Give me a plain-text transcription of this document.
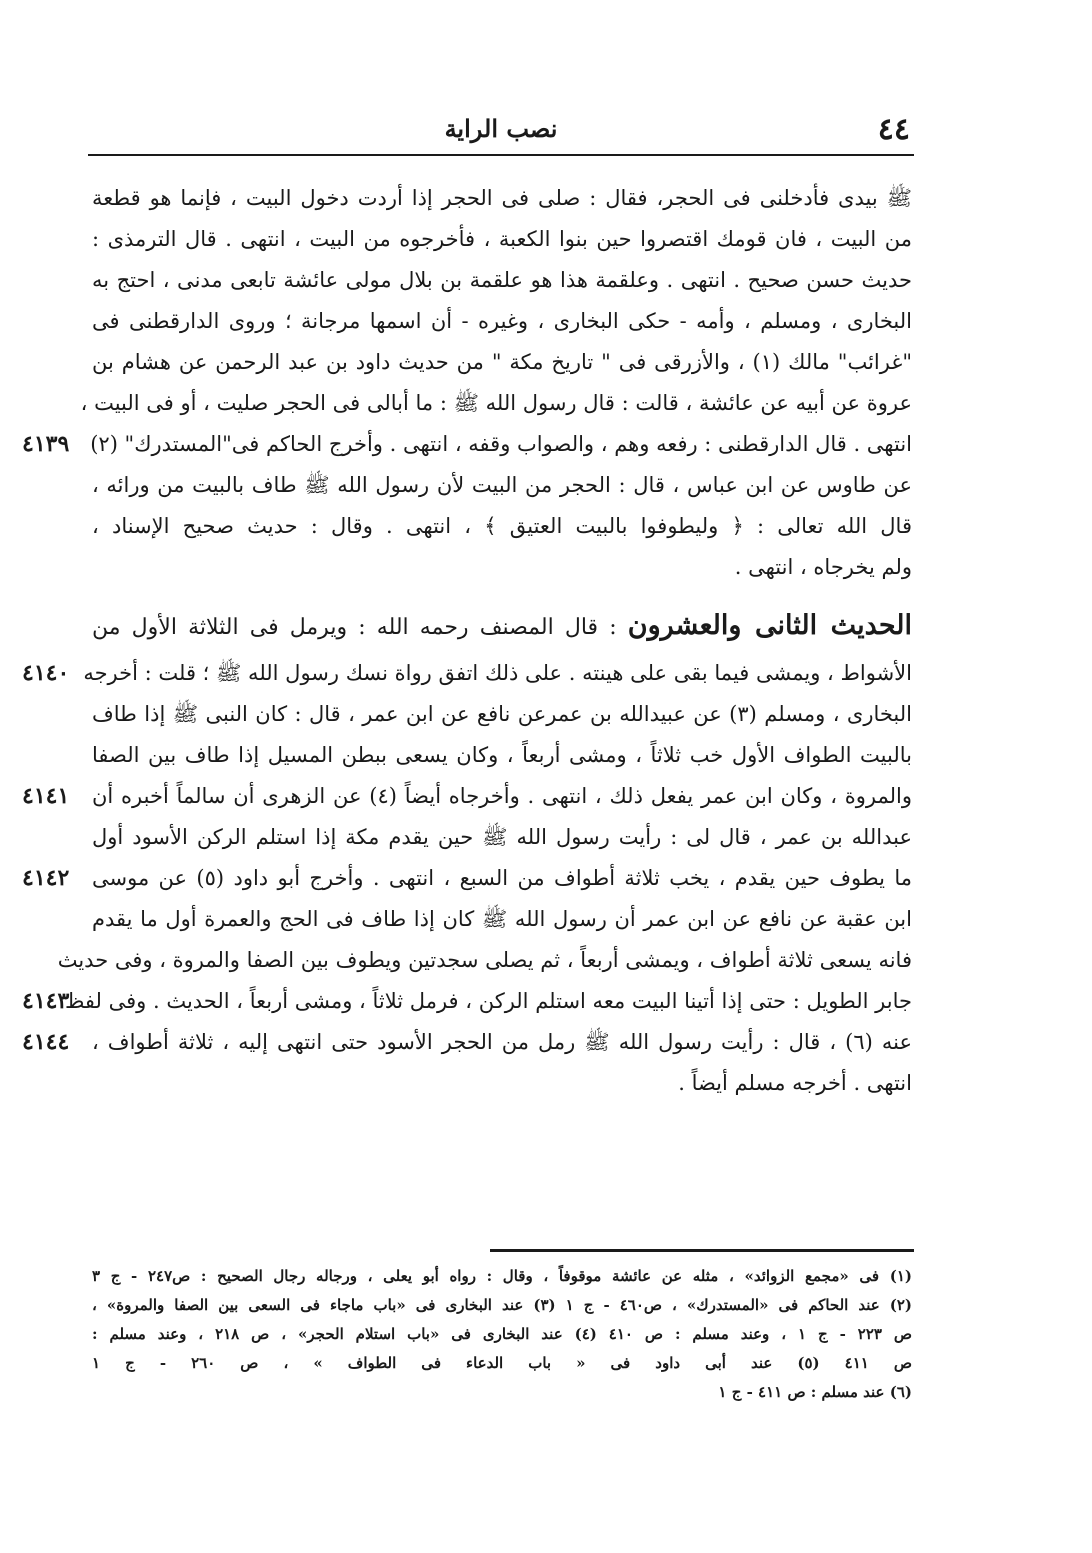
٤٤
نصب الراية
ﷺ بيدى فأدخلنى فى الحجر، فقال : صلى فى الحجر إذا أردت دخول البيت ، فإنما هو قطعة
من البيت ، فان قومك اقتصروا حين بنوا الكعبة ، فأخرجوه من البيت ، انتهى . قال الترمذى :
حديث حسن صحيح . انتهى . وعلقمة هذا هو علقمة بن بلال مولى عائشة تابعى مدنى ، احتج به
البخارى ، ومسلم ، وأمه - حكى البخارى ، وغيره - أن اسمها مرجانة ؛ وروى الدارقطنى فى
"غرائب" مالك (١) ، والأزرقى فى " تاريخ مكة " من حديث داود بن عبد الرحمن عن هشام بن
عروة عن أبيه عن عائشة ، قالت : قال رسول الله ﷺ : ما أبالى فى الحجر صليت ، أو فى البيت ،
انتهى . قال الدارقطنى : رفعه وهم ، والصواب وقفه ، انتهى . وأخرج الحاكم فى"المستدرك" (٢)
٤١٣٩
عن طاوس عن ابن عباس ، قال : الحجر من البيت لأن رسول الله ﷺ طاف بالبيت من ورائه ،
قال الله تعالى : ﴿ وليطوفوا بالبيت العتيق ﴾ ، انتهى . وقال : حديث صحيح الإسناد ،
ولم يخرجاه ، انتهى .
الحديث الثانى والعشرون : قال المصنف رحمه الله : ويرمل فى الثلاثة الأول من
الأشواط ، ويمشى فيما بقى على هينته . على ذلك اتفق رواة نسك رسول الله ﷺ ؛ قلت : أخرجه
٤١٤٠
البخارى ، ومسلم (٣) عن عبيدالله بن عمرعن نافع عن ابن عمر ، قال : كان النبى ﷺ إذا طاف
بالبيت الطواف الأول خب ثلاثاً ، ومشى أربعاً ، وكان يسعى ببطن المسيل إذا طاف بين الصفا
والمروة ، وكان ابن عمر يفعل ذلك ، انتهى . وأخرجاه أيضاً (٤) عن الزهرى أن سالماً أخبره أن
٤١٤١
عبدالله بن عمر ، قال لى : رأيت رسول الله ﷺ حين يقدم مكة إذا استلم الركن الأسود أول
ما يطوف حين يقدم ، يخب ثلاثة أطواف من السبع ، انتهى . وأخرج أبو داود (٥) عن موسى
٤١٤٢
ابن عقبة عن نافع عن ابن عمر أن رسول الله ﷺ كان إذا طاف فى الحج والعمرة أول ما يقدم
فانه يسعى ثلاثة أطواف ، ويمشى أربعاً ، ثم يصلى سجدتين ويطوف بين الصفا والمروة ، وفى حديث
جابر الطويل : حتى إذا أتينا البيت معه استلم الركن ، فرمل ثلاثاً ، ومشى أربعاً ، الحديث . وفى لفظ
٤١٤٣
عنه (٦) ، قال : رأيت رسول الله ﷺ رمل من الحجر الأسود حتى انتهى إليه ، ثلاثة أطواف ،
٤١٤٤
انتهى . أخرجه مسلم أيضاً .
(١) فى «مجمع الزوائد» ، مثله عن عائشة موقوفاً ، وقال : رواه أبو يعلى ، ورجاله رجال الصحيح : ص٢٤٧ - ج ٣
(٢) عند الحاكم فى «المستدرك» ، ص٤٦٠ - ج ١ (٣) عند البخارى فى «باب ماجاء فى السعى بين الصفا والمروة» ،
ص ٢٢٣ - ج ١ ، وعند مسلم : ص ٤١٠ (٤) عند البخارى فى «باب استلام الحجر» ، ص ٢١٨ ، وعند مسلم :
ص ٤١١ (٥) عند أبى داود فى « باب الدعاء فى الطواف » ، ص ٢٦٠ - ج ١
(٦) عند مسلم : ص ٤١١ - ج ١
